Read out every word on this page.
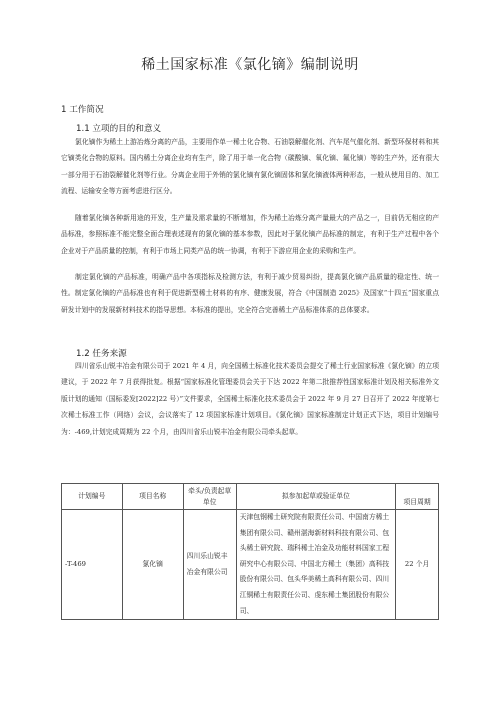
稀土国家标准《氯化镝》编制说明
1 工作简况
1.1 立项的目的和意义

氯化镝作为稀土上游冶炼分离的产品，主要用作单一稀土化合物、石油裂解催化剂、汽车尾气催化剂、新型环保材料和其它镝类化合物的原料。国内稀土分离企业均有生产，除了用于单一化合物（碳酸镝、氧化镝、氟化镝）等的生产外，还有很大一部分用于石油裂解催化剂等行业。分离企业用于外销的氯化镝有氯化镝固体和氯化镝液体两种形态，一般从使用目的、加工流程、运输安全等方面考虑进行区分。

随着氯化镝各种新用途的开发，生产量及需求量的不断增加，作为稀土冶炼分离产量最大的产品之一，目前仍无相应的产品标准，参照标准不能完整全面合理表述现有的氯化镝的基本参数，因此对于氯化镝产品标准的制定，有利于生产过程中各个企业对于产品质量的控制，有利于市场上同类产品的统一协调，有利于下游应用企业的采购和生产。

制定氯化镝的产品标准，明确产品中各项指标及检测方法，有利于减少贸易纠纷，提高氯化镝产品质量的稳定性、统一性。制定氯化镝的产品标准也有利于促进新型稀土材料的有序、健康发展，符合《中国制造 2025》及国家“十四五”国家重点研发计划中的发展新材料技术的指导思想。本标准的提出，完全符合完善稀土产品标准体系的总体要求。

1.2 任务来源

四川省乐山锐丰冶金有限公司于 2021 年 4 月，向全国稀土标准化技术委员会提交了稀土行业国家标准《氯化镝》的立项建议，于 2022 年 7 月获得批复。根据“国家标准化管理委员会关于下达 2022 年第二批推荐性国家标准计划及相关标准外文版计划的通知（国标委发[2022]22 号）”文件要求，全国稀土标准化技术委员会于 2022 年 9 月 27 日召开了 2022 年度第七次稀土标准工作（网络）会议，会议落实了 12 项国家标准计划项目。《氯化镝》国家标准制定计划正式下达，项目计划编号为：-469,计划完成周期为 22 个月，由四川省乐山锐丰冶金有限公司牵头起草。

计划编号	项目名称	牵头/负责起草单位	拟参加起草或验证单位	项目周期
-T-469	氯化镝	四川乐山锐丰冶金有限公司	天津包钢稀土研究院有限责任公司、中国南方稀土集团有限公司、赣州湛海新材料科技有限公司、包头稀土研究院、瑞科稀土冶金及功能材料国家工程研究中心有限公司、中国北方稀土（集团）高科技股份有限公司、包头华美稀土高科有限公司、四川江铜稀土有限责任公司、虔东稀土集团股份有限公司、	22 个月
